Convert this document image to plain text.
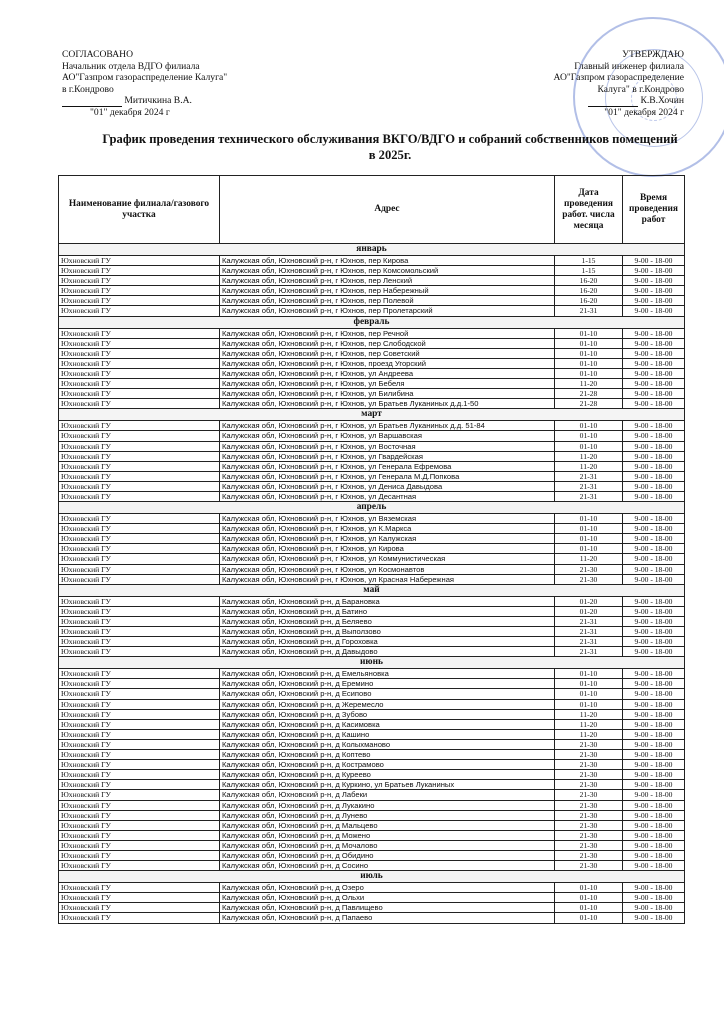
СОГЛАСОВАНО
Начальник отдела ВДГО филиала
АО"Газпром газораспределение Калуга"
в г.Кондрово
Митичкина В.А.
"01" декабря 2024 г
УТВЕРЖДАЮ
Главный инженер филиала
АО"Газпром газораспределение
Калуга" в г.Кондрово
К.В.Хочин
"01" декабря 2024 г
График проведения технического обслуживания ВКГО/ВДГО и собраний собственников помещений в 2025г.
Наименование филиала/газового участка	Адрес	Дата проведения работ. числа месяца	Время проведения работ
январь			
Юхновский ГУ	Калужская обл, Юхновский р-н, г Юхнов, пер Кирова	1-15	9-00 - 18-00
Юхновский ГУ	Калужская обл, Юхновский р-н, г Юхнов, пер Комсомольский	1-15	9-00 - 18-00
Юхновский ГУ	Калужская обл, Юхновский р-н, г Юхнов, пер Ленский	16-20	9-00 - 18-00
Юхновский ГУ	Калужская обл, Юхновский р-н, г Юхнов, пер Набережный	16-20	9-00 - 18-00
Юхновский ГУ	Калужская обл, Юхновский р-н, г Юхнов, пер Полевой	16-20	9-00 - 18-00
Юхновский ГУ	Калужская обл, Юхновский р-н, г Юхнов, пер Пролетарский	21-31	9-00 - 18-00
февраль			
Юхновский ГУ	Калужская обл, Юхновский р-н, г Юхнов, пер Речной	01-10	9-00 - 18-00
Юхновский ГУ	Калужская обл, Юхновский р-н, г Юхнов, пер Слободской	01-10	9-00 - 18-00
Юхновский ГУ	Калужская обл, Юхновский р-н, г Юхнов, пер Советский	01-10	9-00 - 18-00
Юхновский ГУ	Калужская обл, Юхновский р-н, г Юхнов, проезд Угорский	01-10	9-00 - 18-00
Юхновский ГУ	Калужская обл, Юхновский р-н, г Юхнов, ул Андреева	01-10	9-00 - 18-00
Юхновский ГУ	Калужская обл, Юхновский р-н, г Юхнов, ул Бебеля	11-20	9-00 - 18-00
Юхновский ГУ	Калужская обл, Юхновский р-н, г Юхнов, ул Билибина	21-28	9-00 - 18-00
Юхновский ГУ	Калужская обл, Юхновский р-н, г Юхнов, ул Братьев Луканиных д.д.1-50	21-28	9-00 - 18-00
март			
Юхновский ГУ	Калужская обл, Юхновский р-н, г Юхнов, ул Братьев Луканиных д.д. 51-84	01-10	9-00 - 18-00
Юхновский ГУ	Калужская обл, Юхновский р-н, г Юхнов, ул Варшавская	01-10	9-00 - 18-00
Юхновский ГУ	Калужская обл, Юхновский р-н, г Юхнов, ул Восточная	01-10	9-00 - 18-00
Юхновский ГУ	Калужская обл, Юхновский р-н, г Юхнов, ул Гвардейская	11-20	9-00 - 18-00
Юхновский ГУ	Калужская обл, Юхновский р-н, г Юхнов, ул Генерала Ефремова	11-20	9-00 - 18-00
Юхновский ГУ	Калужская обл, Юхновский р-н, г Юхнов, ул Генерала М.Д.Попкова	21-31	9-00 - 18-00
Юхновский ГУ	Калужская обл, Юхновский р-н, г Юхнов, ул Дениса Давыдова	21-31	9-00 - 18-00
Юхновский ГУ	Калужская обл, Юхновский р-н, г Юхнов, ул Десантная	21-31	9-00 - 18-00
апрель			
Юхновский ГУ	Калужская обл, Юхновский р-н, г Юхнов, ул Вяземская	01-10	9-00 - 18-00
Юхновский ГУ	Калужская обл, Юхновский р-н, г Юхнов, ул К.Маркса	01-10	9-00 - 18-00
Юхновский ГУ	Калужская обл, Юхновский р-н, г Юхнов, ул Калужская	01-10	9-00 - 18-00
Юхновский ГУ	Калужская обл, Юхновский р-н, г Юхнов, ул Кирова	01-10	9-00 - 18-00
Юхновский ГУ	Калужская обл, Юхновский р-н, г Юхнов, ул Коммунистическая	11-20	9-00 - 18-00
Юхновский ГУ	Калужская обл, Юхновский р-н, г Юхнов, ул Космонавтов	21-30	9-00 - 18-00
Юхновский ГУ	Калужская обл, Юхновский р-н, г Юхнов, ул Красная Набережная	21-30	9-00 - 18-00
май			
Юхновский ГУ	Калужская обл, Юхновский р-н, д Барановка	01-20	9-00 - 18-00
Юхновский ГУ	Калужская обл, Юхновский р-н, д Батино	01-20	9-00 - 18-00
Юхновский ГУ	Калужская обл, Юхновский р-н, д Беляево	21-31	9-00 - 18-00
Юхновский ГУ	Калужская обл, Юхновский р-н, д Выползово	21-31	9-00 - 18-00
Юхновский ГУ	Калужская обл, Юхновский р-н, д Гороховка	21-31	9-00 - 18-00
Юхновский ГУ	Калужская обл, Юхновский р-н, д Давыдово	21-31	9-00 - 18-00
июнь			
Юхновский ГУ	Калужская обл, Юхновский р-н, д Емельяновка	01-10	9-00 - 18-00
Юхновский ГУ	Калужская обл, Юхновский р-н, д Еремино	01-10	9-00 - 18-00
Юхновский ГУ	Калужская обл, Юхновский р-н, д Есипово	01-10	9-00 - 18-00
Юхновский ГУ	Калужская обл, Юхновский р-н, д Жеремесло	01-10	9-00 - 18-00
Юхновский ГУ	Калужская обл, Юхновский р-н, д Зубово	11-20	9-00 - 18-00
Юхновский ГУ	Калужская обл, Юхновский р-н, д Касимовка	11-20	9-00 - 18-00
Юхновский ГУ	Калужская обл, Юхновский р-н, д Кашино	11-20	9-00 - 18-00
Юхновский ГУ	Калужская обл, Юхновский р-н, д Колыхманово	21-30	9-00 - 18-00
Юхновский ГУ	Калужская обл, Юхновский р-н, д Коптево	21-30	9-00 - 18-00
Юхновский ГУ	Калужская обл, Юхновский р-н, д Кострамово	21-30	9-00 - 18-00
Юхновский ГУ	Калужская обл, Юхновский р-н, д Куреево	21-30	9-00 - 18-00
Юхновский ГУ	Калужская обл, Юхновский р-н, д Куркино, ул Братьев Луканиных	21-30	9-00 - 18-00
Юхновский ГУ	Калужская обл, Юхновский р-н, д Лабеки	21-30	9-00 - 18-00
Юхновский ГУ	Калужская обл, Юхновский р-н, д Лукакино	21-30	9-00 - 18-00
Юхновский ГУ	Калужская обл, Юхновский р-н, д Лунево	21-30	9-00 - 18-00
Юхновский ГУ	Калужская обл, Юхновский р-н, д Мальцево	21-30	9-00 - 18-00
Юхновский ГУ	Калужская обл, Юхновский р-н, д Можено	21-30	9-00 - 18-00
Юхновский ГУ	Калужская обл, Юхновский р-н, д Мочалово	21-30	9-00 - 18-00
Юхновский ГУ	Калужская обл, Юхновский р-н, д Обидино	21-30	9-00 - 18-00
Юхновский ГУ	Калужская обл, Юхновский р-н, д Сосино	21-30	9-00 - 18-00
июль			
Юхновский ГУ	Калужская обл, Юхновский р-н, д Озеро	01-10	9-00 - 18-00
Юхновский ГУ	Калужская обл, Юхновский р-н, д Ольхи	01-10	9-00 - 18-00
Юхновский ГУ	Калужская обл, Юхновский р-н, д Павлищево	01-10	9-00 - 18-00
Юхновский ГУ	Калужская обл, Юхновский р-н, д Папаево	01-10	9-00 - 18-00
